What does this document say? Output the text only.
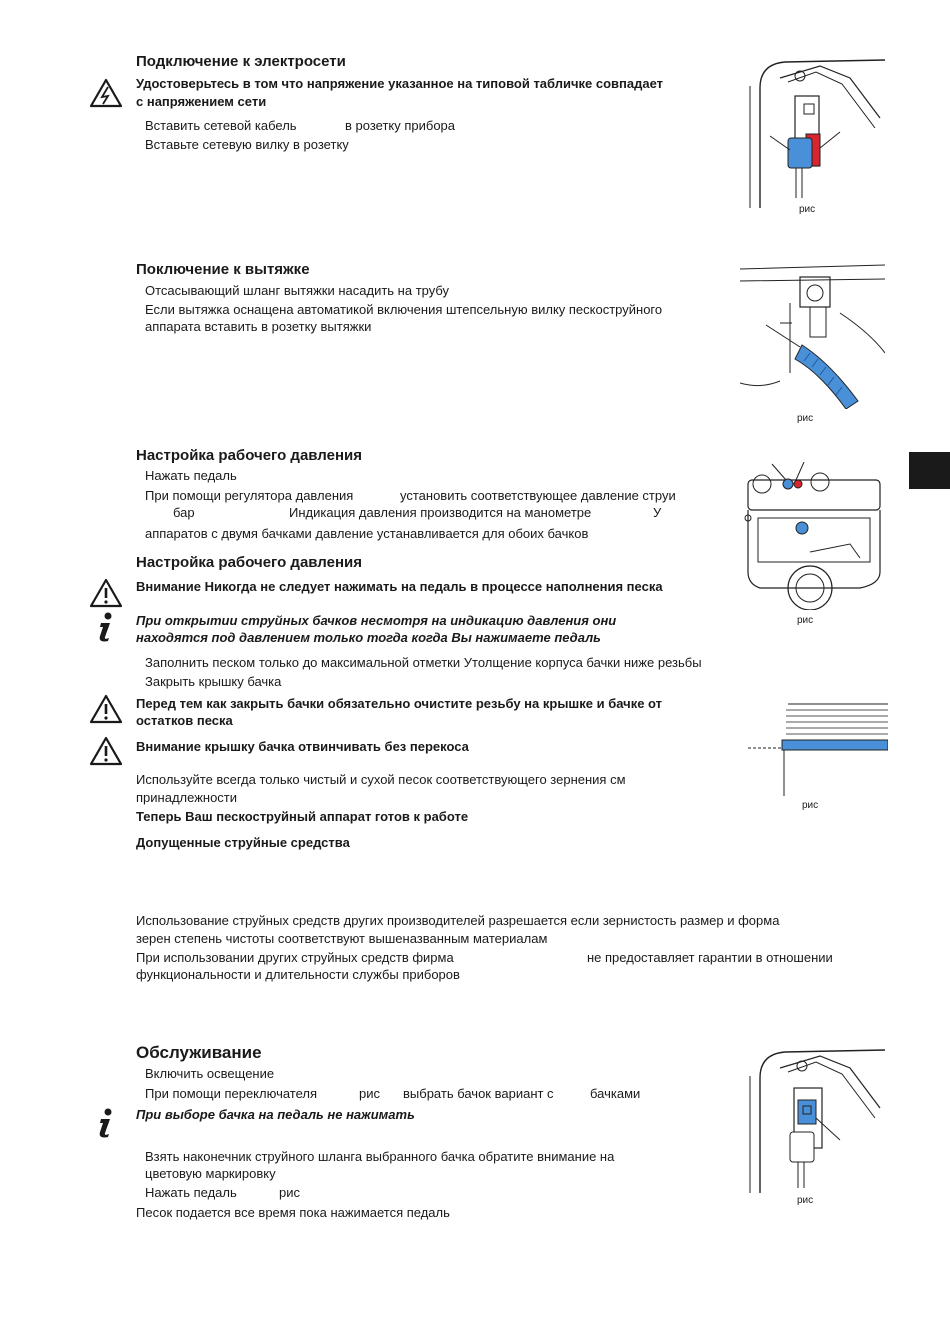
Подключение к электросети
Удостоверьтесь в том что напряжение указанное на типовой табличке совпадает
с напряжением сети
Вставить сетевой кабель	в розетку прибора
Вставьте сетевую вилку в розетку
рис
Поключение к вытяжке
Отсасывающий шланг вытяжки насадить на трубу
Если вытяжка оснащена автоматикой включения штепсельную вилку пескоструйного
аппарата вставить в розетку вытяжки
рис
Настройка рабочего давления
Нажать педаль
При помощи регулятора давления	установить соответствующее давление струи
бар	Индикация давления производится на манометре	У
аппаратов с двумя бачками давление устанавливается для обоих бачков
рис
Настройка рабочего давления
Внимание Никогда не следует нажимать на педаль в процессе наполнения песка
При открытии струйных бачков несмотря на индикацию давления они
находятся под давлением только тогда когда Вы нажимаете педаль
Заполнить песком только до максимальной отметки Утолщение корпуса бачки ниже резьбы
Закрыть крышку бачка
Перед тем как закрыть бачки обязательно очистите резьбу на крышке и бачке от
остатков песка
Внимание крышку бачка отвинчивать без перекоса
рис
Используйте всегда только чистый и сухой песок соответствующего зернения см
принадлежности
Теперь Ваш пескоструйный аппарат готов к работе
Допущенные струйные средства
Использование струйных средств других производителей разрешается если зернистость размер и форма
зерен степень чистоты соответствуют вышеназванным материалам
При использовании других струйных средств фирма	не предоставляет гарантии в отношении
функциональности и длительности службы приборов
Обслуживание
Включить освещение
При помощи переключателя	рис выбрать бачок вариант с	бачками
При выборе бачка на педаль не нажимать
Взять наконечник струйного шланга выбранного бачка обратите внимание на
цветовую маркировку
Нажать педаль	рис
Песок подается все время пока нажимается педаль
рис
